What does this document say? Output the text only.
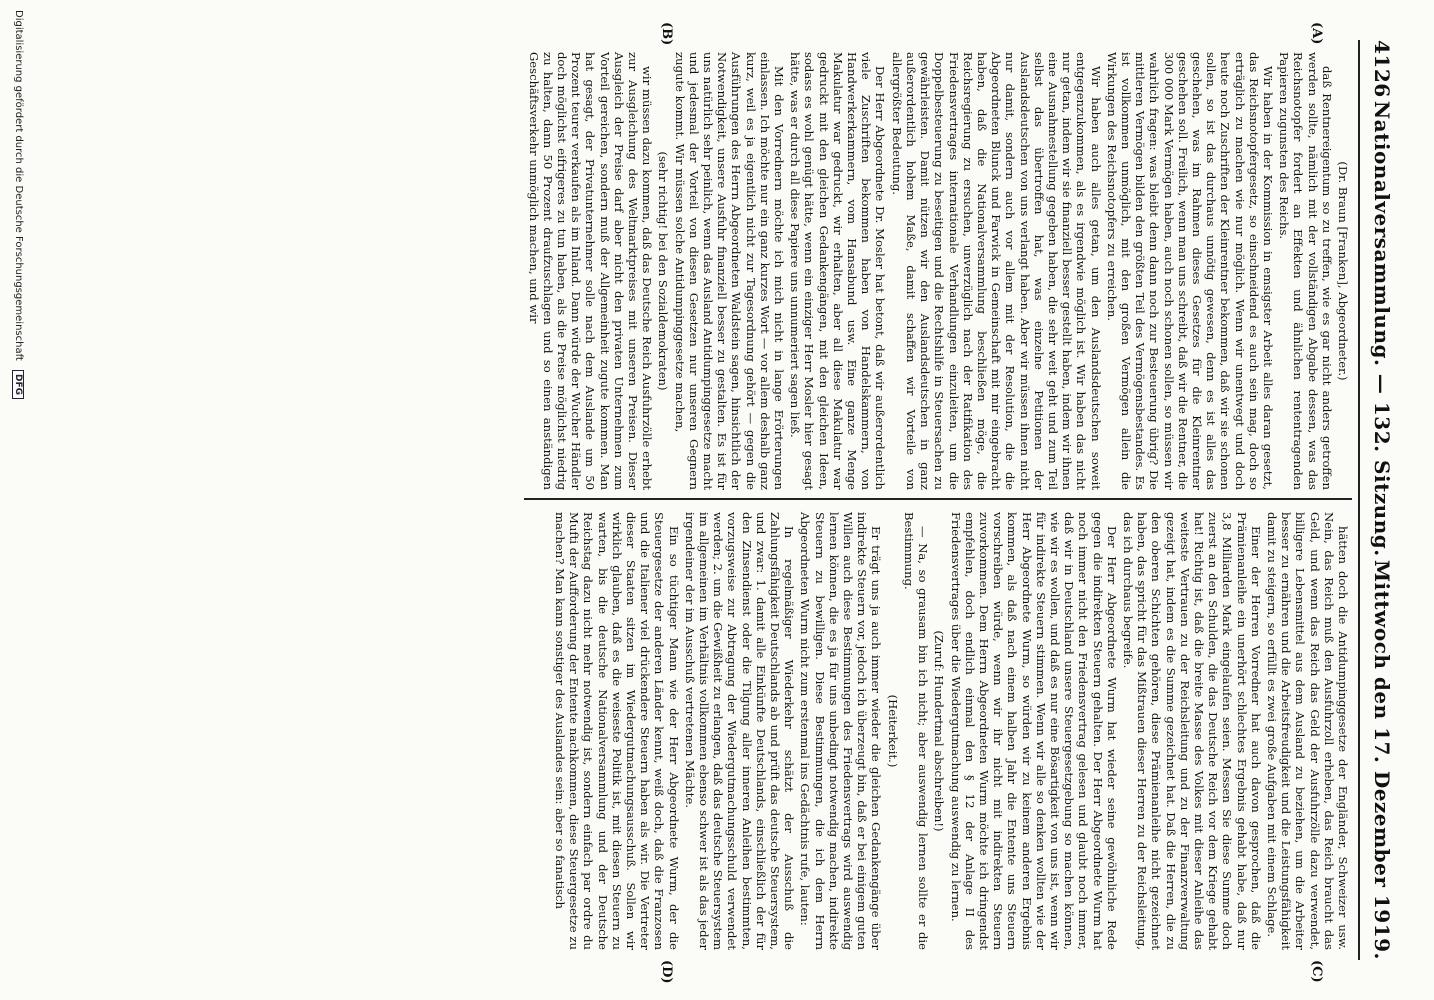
4126
Nationalversammlung. — 132. Sitzung.
Mittwoch den 17. Dezember 1919.
(A)
(B)
(C)
(D)

(Dr. Braun [Franken], Abgeordneter.)

daß Rentnereigentum so zu treffen, wie es gar nicht anders getroffen werden sollte, nämlich mit der vollständigen Abgabe dessen, was das Reichsnotopfer fordert an Effekten und ähnlichen rententragenden Papieren zugunsten des Reichs.

Wir haben in der Kommission in emsigster Arbeit alles daran gesetzt, das Reichsnotopfergesetz, so einschneidend es auch sein mag, doch so erträglich zu machen wie nur möglich. Wenn wir unentwegt und doch heute noch Zuschriften der Kleinrentner bekommen, daß wir sie schonen sollen, so ist das durchaus unnötig gewesen, denn es ist alles das geschehen, was im Rahmen dieses Gesetzes für die Kleinrentner geschehen soll. Freilich, wenn man uns schreibt, daß wir die Rentner, die 300 000 Mark Vermögen haben, auch noch schonen sollen, so müssen wir wahrlich fragen: was bleibt denn dann noch zur Besteuerung übrig? Die mittleren Vermögen bilden den größten Teil des Vermögensbestandes. Es ist vollkommen unmöglich, mit den großen Vermögen allein die Wirkungen des Reichsnotopfers zu erreichen.

Wir haben auch alles getan, um den Auslandsdeutschen soweit entgegenzukommen, als es irgendwie möglich ist. Wir haben das nicht nur getan, indem wir sie finanziell besser gestellt haben, indem wir ihnen eine Ausnahmestellung gegeben haben, die sehr weit geht und zum Teil selbst das übertroffen hat, was einzelne Petitionen der Auslandsdeutschen von uns verlangt haben. Aber wir müssen ihnen nicht nur damit, sondern auch vor allem mit der Resolution, die die Abgeordneten Blunck und Farwick in Gemeinschaft mit mir eingebracht haben, daß die Nationalversammlung beschließen möge, die Reichsregierung zu ersuchen, unverzüglich nach der Ratifikation des Friedensvertrages internationale Verhandlungen einzuleiten, um die Doppelbesteuerung zu beseitigen und die Rechtshilfe in Steuersachen zu gewährleisten. Damit nützen wir den Auslandsdeutschen in ganz außerordentlich hohem Maße, damit schaffen wir Vorteile von allergrößter Bedeutung.

Der Herr Abgeordnete Dr. Mosler hat betont, daß wir außerordentlich viele Zuschriften bekommen haben von Handelskammern, von Handwerkerkammern, vom Hansabund usw. Eine ganze Menge Makulatur war gedruckt, wir erhalten, aber all diese Makulatur war gedruckt mit den gleichen Gedankengängen, mit den gleichen Ideen, sodass es wohl genügt hätte, wenn ein einziger Herr Mosler hier gesagt hätte, was er durch all diese Papiere uns unnumeriert sagen ließ.

Mit den Vorrednern möchte ich mich nicht in lange Erörterungen einlassen. Ich möchte nur ein ganz kurzes Wort — vor allem deshalb ganz kurz, weil es ja eigentlich nicht zur Tagesordnung gehört — gegen die Ausführungen des Herrn Abgeordneten Waldstein sagen, hinsichtlich der Notwendigkeit, unsere Ausfuhr finanziell besser zu gestalten. Es ist für uns natürlich sehr peinlich, wenn das Ausland Antidumpinggesetze macht und jedesmal der Vorteil von diesen Gesetzen nur unseren Gegnern zugute kommt. Wir müssen solche Antidumpinggesetze machen,

(sehr richtig! bei den Sozialdemokraten)

wir müssen dazu kommen, daß das Deutsche Reich Ausfuhrzölle erhebt zur Ausgleichung des Weltmarktpreises mit unseren Preisen. Dieser Ausgleich der Preise darf aber nicht den privaten Unternehmen zum Vorteil gereichen, sondern muß der Allgemeinheit zugute kommen. Man hat gesagt, der Privatunternehmer solle nach dem Auslande um 50 Prozent teurer verkaufen als im Inland. Dann würde der Wucher Händler doch möglichst eifrigeres zu tun haben, als die Preise möglichst niedrig zu halten, dann 50 Prozent draufzuschlagen und so einen anständigen Geschäftsverkehr unmöglich machen, und wir

hätten doch die Antidumpinggesetze der Engländer, Schweizer usw. Nein, das Reich muß den Ausfuhrzoll erheben, das Reich braucht das Geld, und wenn das Reich das Geld der Ausfuhrzölle dazu verwendet, billigere Lebensmittel aus dem Ausland zu beziehen, um die Arbeiter besser zu ernähren und die Arbeitsfreudigkeit und die Leistungsfähigkeit damit zu steigern, so erfüllt es zwei große Aufgaben mit einem Schlage.

Einer der Herren Vorredner hat auch davon gesprochen, daß die Prämienanleihe ein unerhört schlechtes Ergebnis gehabt habe, daß nur 3,8 Milliarden Mark eingelaufen seien. Messen Sie diese Summe doch zuerst an den Schulden, die das Deutsche Reich vor dem Kriege gehabt hat! Richtig ist, daß die breite Masse des Volkes mit dieser Anleihe das weiteste Vertrauen zu der Reichsleitung und zu der Finanzverwaltung gezeigt hat, indem es die Summe gezeichnet hat. Daß die Herren, die zu den oberen Schichten gehören, diese Prämienanleihe nicht gezeichnet haben, das spricht für das Mißtrauen dieser Herren zu der Reichsleitung, das ich durchaus begreife.

Der Herr Abgeordnete Wurm hat wieder seine gewöhnliche Rede gegen die indirekten Steuern gehalten. Der Herr Abgeordnete Wurm hat noch immer nicht den Friedensvertrag gelesen und glaubt noch immer, daß wir in Deutschland unsere Steuergesetzgebung so machen können, wie wir es wollen, und daß es nur eine Bösartigkeit von uns ist, wenn wir für indirekte Steuern stimmen. Wenn wir alle so denken wollten wie der Herr Abgeordnete Wurm, so würden wir zu keinem anderen Ergebnis kommen, als daß nach einem halben Jahr die Entente uns Steuern vorschreiben würde, wenn wir ihr nicht mit indirekten Steuern zuvorkommen. Dem Herrn Abgeordneten Wurm möchte ich dringendst empfehlen, doch endlich einmal den § 12 der Anlage II des Friedensvertrages über die Wiedergutmachung auswendig zu lernen.

(Zuruf: Hundertmal abschreiben!)

— Na, so grausam bin ich nicht; aber auswendig lernen sollte er die Bestimmung.

(Heiterkeit.)

Er trägt uns ja auch immer wieder die gleichen Gedankengänge über indirekte Steuern vor, jedoch ich überzeugt bin, daß er bei einigem guten Willen auch diese Bestimmungen des Friedensvertrags wird auswendig lernen können, die es ja für uns unbedingt notwendig machen, indirekte Steuern zu bewilligen. Diese Bestimmungen, die ich dem Herrn Abgeordneten Wurm nicht zum erstenmal ins Gedächtnis rufe, lauten:

In regelmäßiger Wiederkehr schätzt der Ausschuß die Zahlungsfähigkeit Deutschlands ab und prüft das deutsche Steuersystem, und zwar: 1. damit alle Einkünfte Deutschlands, einschließlich der für den Zinsendienst oder die Tilgung aller inneren Anleihen bestimmten, vorzugsweise zur Abtragung der Wiedergutmachungsschuld verwendet werden; 2. um die Gewißheit zu erlangen, daß das deutsche Steuersystem im allgemeinen im Verhältnis vollkommen ebenso schwer ist als das jeder irgendeiner der im Ausschuß vertretenen Mächte.

Ein so tüchtiger Mann wie der Herr Abgeordnete Wurm, der die Steuergesetze der anderen Länder kennt, weiß doch, daß die Franzosen und die Italiener viel drückendere Steuern haben als wir. Die Vertreter dieser Staaten sitzen im Wiedergutmachungsausschuß. Sollen wir wirklich glauben, daß es die weiseste Politik ist, mit diesen Steuern zu warten, bis die deutsche Nationalversammlung und der Deutsche Reichstag dazu nicht mehr notwendig ist, sondern einfach par ordre du Mufti der Aufforderung der Entente nachkommen, diese Steuergesetze zu machen? Man kann sonstiger des Auslandes sein: aber so fanatisch

Digitalisierung gefördert durch die Deutsche Forschungsgemeinschaft DFG
